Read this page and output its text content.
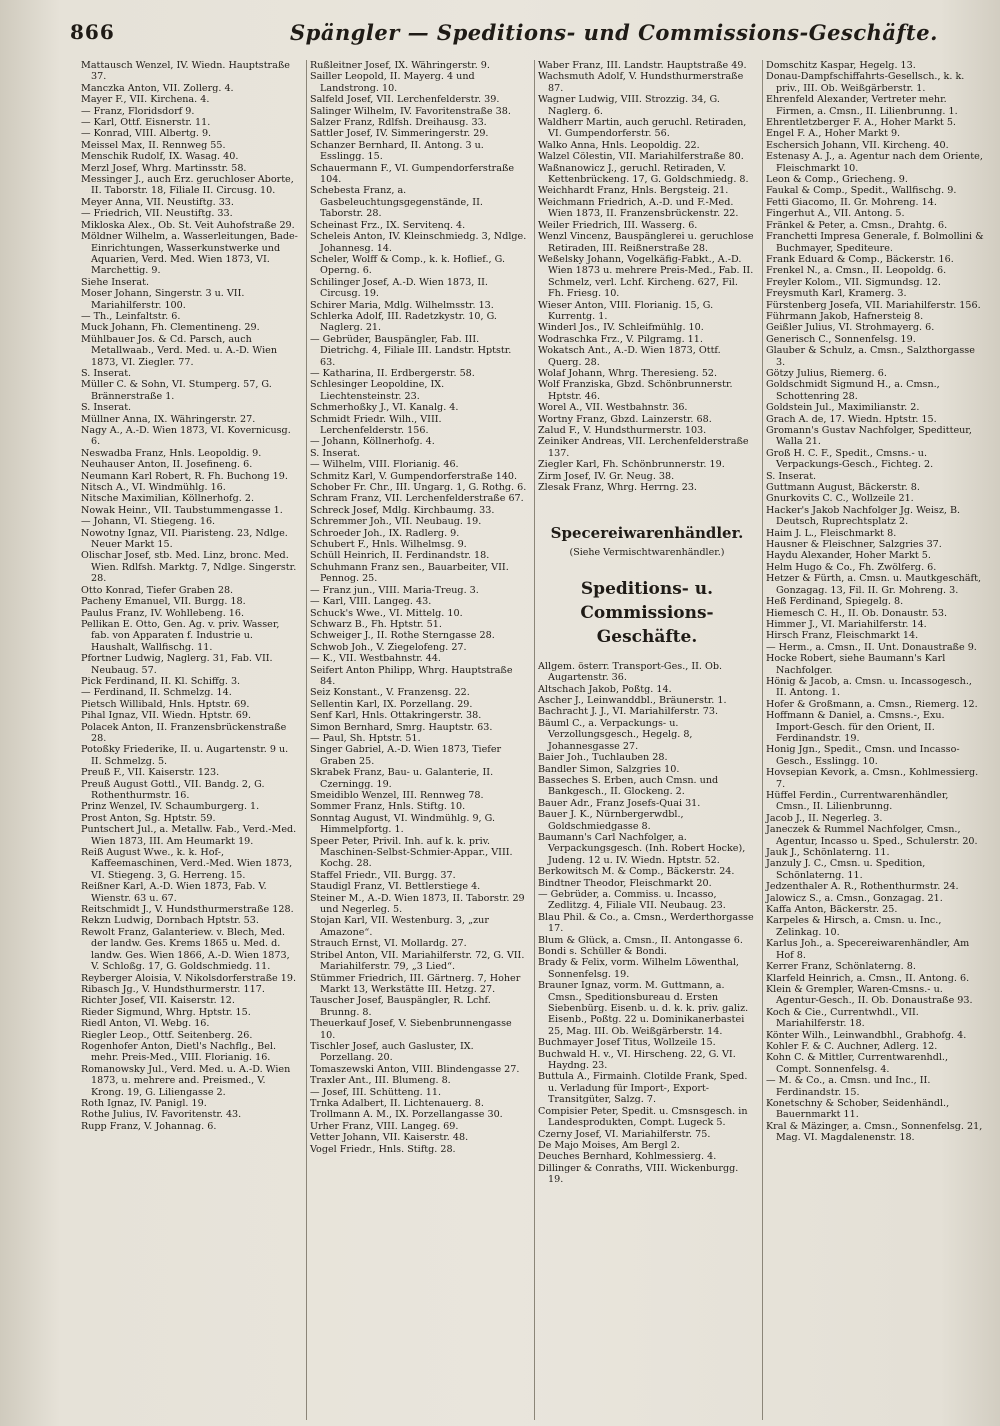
866	Spängler — Speditions- und Commissions-Geschäfte.

Mattausch Wenzel, IV. Wiedn. Hauptstraße 37.

Manczka Anton, VII. Zollerg. 4.

Mayer F., VII. Kirchena. 4.

— Franz, Floridsdorf 9.

— Karl, Ottf. Eisnerstr. 11.

— Konrad, VIII. Albertg. 9.

Meissel Max, II. Rennweg 55.

Menschik Rudolf, IX. Wasag. 40.

Merzl Josef, Whrg. Martinsstr. 58.

Messinger J., auch Erz. geruchloser Aborte, II. Taborstr. 18, Filiale II. Circusg. 10.

Meyer Anna, VII. Neustiftg. 33.

— Friedrich, VII. Neustiftg. 33.

Mikloska Alex., Ob. St. Veit Auhofstraße 29.

Möldner Wilhelm, a. Wasserleitungen, Bade-Einrichtungen, Wasserkunstwerke und Aquarien, Verd. Med. Wien 1873, VI. Marchettig. 9.

Siehe Inserat.

Moser Johann, Singerstr. 3 u. VII. Mariahilferstr. 100.

— Th., Leinfaltstr. 6.

Muck Johann, Fh. Clementineng. 29.

Mühlbauer Jos. & Cd. Parsch, auch Metallwaab., Verd. Med. u. A.-D. Wien 1873, VI. Ziegler. 77.

S. Inserat.

Müller C. & Sohn, VI. Stumperg. 57, G. Brännerstraße 1.

S. Inserat.

Müllner Anna, IX. Währingerstr. 27.

Nagy A., A.-D. Wien 1873, VI. Kovernicusg. 6.

Neswadba Franz, Hnls. Leopoldig. 9.

Neuhauser Anton, II. Josefineng. 6.

Neumann Karl Robert, R. Fh. Buchong 19.

Nitsch A., VI. Windmühlg. 16.

Nitsche Maximilian, Köllnerhofg. 2.

Nowak Heinr., VII. Taubstummengasse 1.

— Johann, VI. Stiegeng. 16.

Nowotny Ignaz, VII. Piaristeng. 23, Ndlge. Neuer Markt 15.

Olischar Josef, stb. Med. Linz, bronc. Med. Wien. Rdlfsh. Marktg. 7, Ndlge. Singerstr. 28.

Otto Konrad, Tiefer Graben 28.

Pacheny Emanuel, VII. Burgg. 18.

Paulus Franz, IV. Wohllebeng. 16.

Pellikan E. Otto, Gen. Ag. v. priv. Wasser, fab. von Apparaten f. Industrie u. Haushalt, Wallfischg. 11.

Pfortner Ludwig, Naglerg. 31, Fab. VII. Neubaug. 57.

Pick Ferdinand, II. Kl. Schiffg. 3.

— Ferdinand, II. Schmelzg. 14.

Pietsch Willibald, Hnls. Hptstr. 69.

Pihal Ignaz, VII. Wiedn. Hptstr. 69.

Polacek Anton, II. Franzensbrückenstraße 28.

Potoßky Friederike, II. u. Augartenstr. 9 u. II. Schmelzg. 5.

Preuß F., VII. Kaiserstr. 123.

Preuß August Gottl., VII. Bandg. 2, G. Rothenthurmstr. 16.

Prinz Wenzel, IV. Schaumburgerg. 1.

Prost Anton, Sg. Hptstr. 59.

Puntschert Jul., a. Metallw. Fab., Verd.-Med. Wien 1873, III. Am Heumarkt 19.

Reiß August Wwe., k. k. Hof-, Kaffeemaschinen, Verd.-Med. Wien 1873, VI. Stiegeng. 3, G. Herreng. 15.

Reißner Karl, A.-D. Wien 1873, Fab. V. Wienstr. 63 u. 67.

Reitschmidt J., V. Hundsthurmerstraße 128.

Rekzn Ludwig, Dornbach Hptstr. 53.

Rewolt Franz, Galanteriew. v. Blech, Med. der landw. Ges. Krems 1865 u. Med. d. landw. Ges. Wien 1866, A.-D. Wien 1873, V. Schloßg. 17, G. Goldschmiedg. 11.

Reyberger Aloisia, V. Nikolsdorferstraße 19.

Ribasch Jg., V. Hundsthurmerstr. 117.

Richter Josef, VII. Kaiserstr. 12.

Rieder Sigmund, Whrg. Hptstr. 15.

Riedl Anton, VI. Webg. 16.

Riegler Leop., Ottf. Seitenberg. 26.

Rogenhofer Anton, Dietl's Nachflg., Bel. mehr. Preis-Med., VIII. Florianig. 16.

Romanowsky Jul., Verd. Med. u. A.-D. Wien 1873, u. mehrere and. Preismed., V. Krong. 19, G. Liliengasse 2.

Roth Ignaz, IV. Panigl. 19.

Rothe Julius, IV. Favoritenstr. 43.

Rupp Franz, V. Johannag. 6.

Rußleitner Josef, IX. Währingerstr. 9.

Sailler Leopold, II. Mayerg. 4 und Landstrong. 10.

Salfeld Josef, VII. Lerchenfelderstr. 39.

Salinger Wilhelm, IV. Favoritenstraße 38.

Salzer Franz, Rdlfsh. Dreihausg. 33.

Sattler Josef, IV. Simmeringerstr. 29.

Schanzer Bernhard, II. Antong. 3 u. Esslingg. 15.

Schauermann F., VI. Gumpendorferstraße 104.

Schebesta Franz, a. Gasbeleuchtungsgegenstände, II. Taborstr. 28.

Scheinast Frz., IX. Servitenq. 4.

Scheleis Anton, IV. Kleinschmiedg. 3, Ndlge. Johannesg. 14.

Scheler, Wolff & Comp., k. k. Hoflief., G. Operng. 6.

Schilinger Josef, A.-D. Wien 1873, II. Circusg. 19.

Schirer Maria, Mdlg. Wilhelmsstr. 13.

Schlerka Adolf, III. Radetzkystr. 10, G. Naglerg. 21.

— Gebrüder, Bauspängler, Fab. III. Dietrichg. 4, Filiale III. Landstr. Hptstr. 63.

— Katharina, II. Erdbergerstr. 58.

Schlesinger Leopoldine, IX. Liechtensteinstr. 23.

Schmerhoßky J., VI. Kanalg. 4.

Schmidt Friedr. Wilh., VIII. Lerchenfelderstr. 156.

— Johann, Köllnerhofg. 4.

S. Inserat.

— Wilhelm, VIII. Florianig. 46.

Schmitz Karl, V. Gumpendorferstraße 140.

Schober Fr. Chr., III. Ungarg. 1, G. Rothg. 6.

Schram Franz, VII. Lerchenfelderstraße 67.

Schreck Josef, Mdlg. Kirchbaumg. 33.

Schremmer Joh., VII. Neubaug. 19.

Schroeder Joh., IX. Radlerg. 9.

Schubert F., Hnls. Wilhelmsg. 9.

Schüll Heinrich, II. Ferdinandstr. 18.

Schuhmann Franz sen., Bauarbeiter, VII. Pennog. 25.

— Franz jun., VIII. Maria-Treug. 3.

— Karl, VIII. Langeg. 43.

Schuck's Wwe., VI. Mittelg. 10.

Schwarz B., Fh. Hptstr. 51.

Schweiger J., II. Rothe Sterngasse 28.

Schwob Joh., V. Ziegelofeng. 27.

— K., VII. Westbahnstr. 44.

Seifert Anton Philipp, Whrg. Hauptstraße 84.

Seiz Konstant., V. Franzensg. 22.

Sellentin Karl, IX. Porzellang. 29.

Senf Karl, Hnls. Ottakringerstr. 38.

Simon Bernhard, Smrg. Hauptstr. 63.

— Paul, Sh. Hptstr. 51.

Singer Gabriel, A.-D. Wien 1873, Tiefer Graben 25.

Skrabek Franz, Bau- u. Galanterie, II. Czerningg. 19.

Smeidiblo Wenzel, III. Rennweg 78.

Sommer Franz, Hnls. Stiftg. 10.

Sonntag August, VI. Windmühlg. 9, G. Himmelpfortg. 1.

Speer Peter, Privil. Inh. auf k. k. priv. Maschinen-Selbst-Schmier-Appar., VIII. Kochg. 28.

Staffel Friedr., VII. Burgg. 37.

Staudigl Franz, VI. Bettlerstiege 4.

Steiner M., A.-D. Wien 1873, II. Taborstr. 29 und Negerleg. 5.

Stojan Karl, VII. Westenburg. 3, „zur Amazone“.

Strauch Ernst, VI. Mollardg. 27.

Stribel Anton, VII. Mariahilferstr. 72, G. VII. Mariahilferstr. 79, „3 Lied“.

Stümmer Friedrich, III. Gärtnerg. 7, Hoher Markt 13, Werkstätte III. Hetzg. 27.

Tauscher Josef, Bauspängler, R. Lchf. Brunng. 8.

Theuerkauf Josef, V. Siebenbrunnengasse 10.

Tischler Josef, auch Gasluster, IX. Porzellang. 20.

Tomaszewski Anton, VIII. Blindengasse 27.

Traxler Ant., III. Blumeng. 8.

— Josef, III. Schütteng. 11.

Trnka Adalbert, II. Lichtenauerg. 8.

Trollmann A. M., IX. Porzellangasse 30.

Urher Franz, VIII. Langeg. 69.

Vetter Johann, VII. Kaiserstr. 48.

Vogel Friedr., Hnls. Stiftg. 28.

Waber Franz, III. Landstr. Hauptstraße 49.

Wachsmuth Adolf, V. Hundsthurmerstraße 87.

Wagner Ludwig, VIII. Strozzig. 34, G. Naglerg. 6.

Waldherr Martin, auch geruchl. Retiraden, VI. Gumpendorferstr. 56.

Walko Anna, Hnls. Leopoldig. 22.

Walzel Cölestin, VII. Mariahilferstraße 80.

Waßnanowicz J., geruchl. Retiraden, V. Kettenbrückeng. 17, G. Goldschmiedg. 8.

Weichhardt Franz, Hnls. Bergsteig. 21.

Weichmann Friedrich, A.-D. und F.-Med. Wien 1873, II. Franzensbrückenstr. 22.

Weiler Friedrich, III. Wasserg. 6.

Wenzl Vincenz, Bauspänglerei u. geruchlose Retiraden, III. Reißnerstraße 28.

Weßelsky Johann, Vogelkäfig-Fabkt., A.-D. Wien 1873 u. mehrere Preis-Med., Fab. II. Schmelz, verl. Lchf. Kircheng. 627, Fil. Fh. Friesg. 10.

Wieser Anton, VIII. Florianig. 15, G. Kurrentg. 1.

Winderl Jos., IV. Schleifmühlg. 10.

Wodraschka Frz., V. Pilgramg. 11.

Wokatsch Ant., A.-D. Wien 1873, Ottf. Querg. 28.

Wolaf Johann, Whrg. Theresieng. 52.

Wolf Franziska, Gbzd. Schönbrunnerstr. Hptstr. 46.

Worel A., VII. Westbahnstr. 36.

Wortny Franz, Gbzd. Lainzerstr. 68.

Zalud F., V. Hundsthurmerstr. 103.

Zeiniker Andreas, VII. Lerchenfelderstraße 137.

Ziegler Karl, Fh. Schönbrunnerstr. 19.

Zirm Josef, IV. Gr. Neug. 38.

Zlesak Franz, Whrg. Herrng. 23.

Specereiwarenhändler.

(Siehe Vermischtwarenhändler.)

Speditions- u. Commissions-Geschäfte.

Allgem. österr. Transport-Ges., II. Ob. Augartenstr. 36.

Altschach Jakob, Poßtg. 14.

Ascher J., Leinwanddbl., Bräunerstr. 1.

Bachracht J. J., VI. Mariahilferstr. 73.

Bäuml C., a. Verpackungs- u. Verzollungsgesch., Hegelg. 8, Johannesgasse 27.

Baier Joh., Tuchlauben 28.

Bandler Simon, Salzgries 10.

Basseches S. Erben, auch Cmsn. und Bankgesch., II. Glockeng. 2.

Bauer Adr., Franz Josefs-Quai 31.

Bauer J. K., Nürnbergerwdbl., Goldschmiedgasse 8.

Baumann's Carl Nachfolger, a. Verpackungsgesch. (Inh. Robert Hocke), Judeng. 12 u. IV. Wiedn. Hptstr. 52.

Berkowitsch M. & Comp., Bäckerstr. 24.

Bindtner Theodor, Fleischmarkt 20.

— Gebrüder, a. Commiss. u. Incasso, Zedlitzg. 4, Filiale VII. Neubaug. 23.

Blau Phil. & Co., a. Cmsn., Werderthorgasse 17.

Blum & Glück, a. Cmsn., II. Antongasse 6.

Bondi s. Schüller & Bondi.

Brady & Felix, vorm. Wilhelm Löwenthal, Sonnenfelsg. 19.

Brauner Ignaz, vorm. M. Guttmann, a. Cmsn., Speditionsbureau d. Ersten Siebenbürg. Eisenb. u. d. k. k. priv. galiz. Eisenb., Poßtg. 22 u. Dominikanerbastei 25, Mag. III. Ob. Weißgärberstr. 14.

Buchmayer Josef Titus, Wollzeile 15.

Buchwald H. v., VI. Hirscheng. 22, G. VI. Haydng. 23.

Buttula A., Firmainh. Clotilde Frank, Sped. u. Verladung für Import-, Export- Transitgüter, Salzg. 7.

Compisier Peter, Spedit. u. Cmsnsgesch. in Landesprodukten, Compt. Lugeck 5.

Czerny Josef, VI. Mariahilferstr. 75.

De Majo Moises, Am Bergl 2.

Deuches Bernhard, Kohlmessierg. 4.

Dillinger & Conraths, VIII. Wickenburgg. 19.

Domschitz Kaspar, Hegelg. 13.

Donau-Dampfschiffahrts-Gesellsch., k. k. priv., III. Ob. Weißgärberstr. 1.

Ehrenfeld Alexander, Vertreter mehr. Firmen, a. Cmsn., II. Lilienbrunng. 1.

Ehrentletzberger F. A., Hoher Markt 5.

Engel F. A., Hoher Markt 9.

Eschersich Johann, VII. Kircheng. 40.

Estenasy A. J., a. Agentur nach dem Oriente, Fleischmarkt 10.

Leon & Comp., Griecheng. 9.

Faukal & Comp., Spedit., Wallfischg. 9.

Fetti Giacomo, II. Gr. Mohreng. 14.

Fingerhut A., VII. Antong. 5.

Fränkel & Peter, a. Cmsn., Drahtg. 6.

Franchetti Impresa Generale, f. Bolmollini & Buchmayer, Spediteure.

Frank Eduard & Comp., Bäckerstr. 16.

Frenkel N., a. Cmsn., II. Leopoldg. 6.

Freyler Kolom., VII. Sigmundsg. 12.

Freysmuth Karl, Kramerg. 3.

Fürstenberg Josefa, VII. Mariahilferstr. 156.

Führmann Jakob, Hafnersteig 8.

Geißler Julius, VI. Strohmayerg. 6.

Generisch C., Sonnenfelsg. 19.

Glauber & Schulz, a. Cmsn., Salzthorgasse 3.

Götzy Julius, Riemerg. 6.

Goldschmidt Sigmund H., a. Cmsn., Schottenring 28.

Goldstein Jul., Maximilianstr. 2.

Grach A. de, 17. Wiedn. Hptstr. 15.

Gromann's Gustav Nachfolger, Speditteur, Walla 21.

Groß H. C. F., Spedit., Cmsns.- u. Verpackungs-Gesch., Fichteg. 2.

S. Inserat.

Guttmann August, Bäckerstr. 8.

Gnurkovits C. C., Wollzeile 21.

Hacker's Jakob Nachfolger Jg. Weisz, B. Deutsch, Ruprechtsplatz 2.

Haim J. L., Fleischmarkt 8.

Hausner & Fleischner, Salzgries 37.

Haydu Alexander, Hoher Markt 5.

Helm Hugo & Co., Fh. Zwölferg. 6.

Hetzer & Fürth, a. Cmsn. u. Mautkgeschäft, Gonzagag. 13, Fil. II. Gr. Mohreng. 3.

Heß Ferdinand, Spiegelg. 8.

Hiemesch C. H., II. Ob. Donaustr. 53.

Himmer J., VI. Mariahilferstr. 14.

Hirsch Franz, Fleischmarkt 14.

— Herm., a. Cmsn., II. Unt. Donaustraße 9.

Hocke Robert, siehe Baumann's Karl Nachfolger.

Hönig & Jacob, a. Cmsn. u. Incassogesch., II. Antong. 1.

Hofer & Großmann, a. Cmsn., Riemerg. 12.

Hoffmann & Daniel, a. Cmsns.-, Exu. Import-Gesch. für den Orient, II. Ferdinandstr. 19.

Honig Jgn., Spedit., Cmsn. und Incasso-Gesch., Esslingg. 10.

Hovsepian Kevork, a. Cmsn., Kohlmessierg. 7.

Hüffel Ferdin., Currentwarenhändler, Cmsn., II. Lilienbrunng.

Jacob J., II. Negerleg. 3.

Janeczek & Rummel Nachfolger, Cmsn., Agentur, Incasso u. Sped., Schulerstr. 20.

Jauk J., Schönlaterng. 11.

Janzuly J. C., Cmsn. u. Spedition, Schönlaterng. 11.

Jedzenthaler A. R., Rothenthurmstr. 24.

Jalowicz S., a. Cmsn., Gonzagag. 21.

Kaffa Anton, Bäckerstr. 25.

Karpeles & Hirsch, a. Cmsn. u. Inc., Zelinkag. 10.

Karlus Joh., a. Specereiwarenhändler, Am Hof 8.

Kerrer Franz, Schönlaterng. 8.

Klarfeld Heinrich, a. Cmsn., II. Antong. 6.

Klein & Grempler, Waren-Cmsns.- u. Agentur-Gesch., II. Ob. Donaustraße 93.

Koch & Cie., Currentwhdl., VII. Mariahilferstr. 18.

Könter Wilh., Leinwandbhl., Grabhofg. 4.

Kohler F. & C. Auchner, Adlerg. 12.

Kohn C. & Mittler, Currentwarenhdl., Compt. Sonnenfelsg. 4.

— M. & Co., a. Cmsn. und Inc., II. Ferdinandstr. 15.

Konetschny & Schober, Seidenhändl., Bauernmarkt 11.

Kral & Mäzinger, a. Cmsn., Sonnenfelsg. 21, Mag. VI. Magdalenenstr. 18.
